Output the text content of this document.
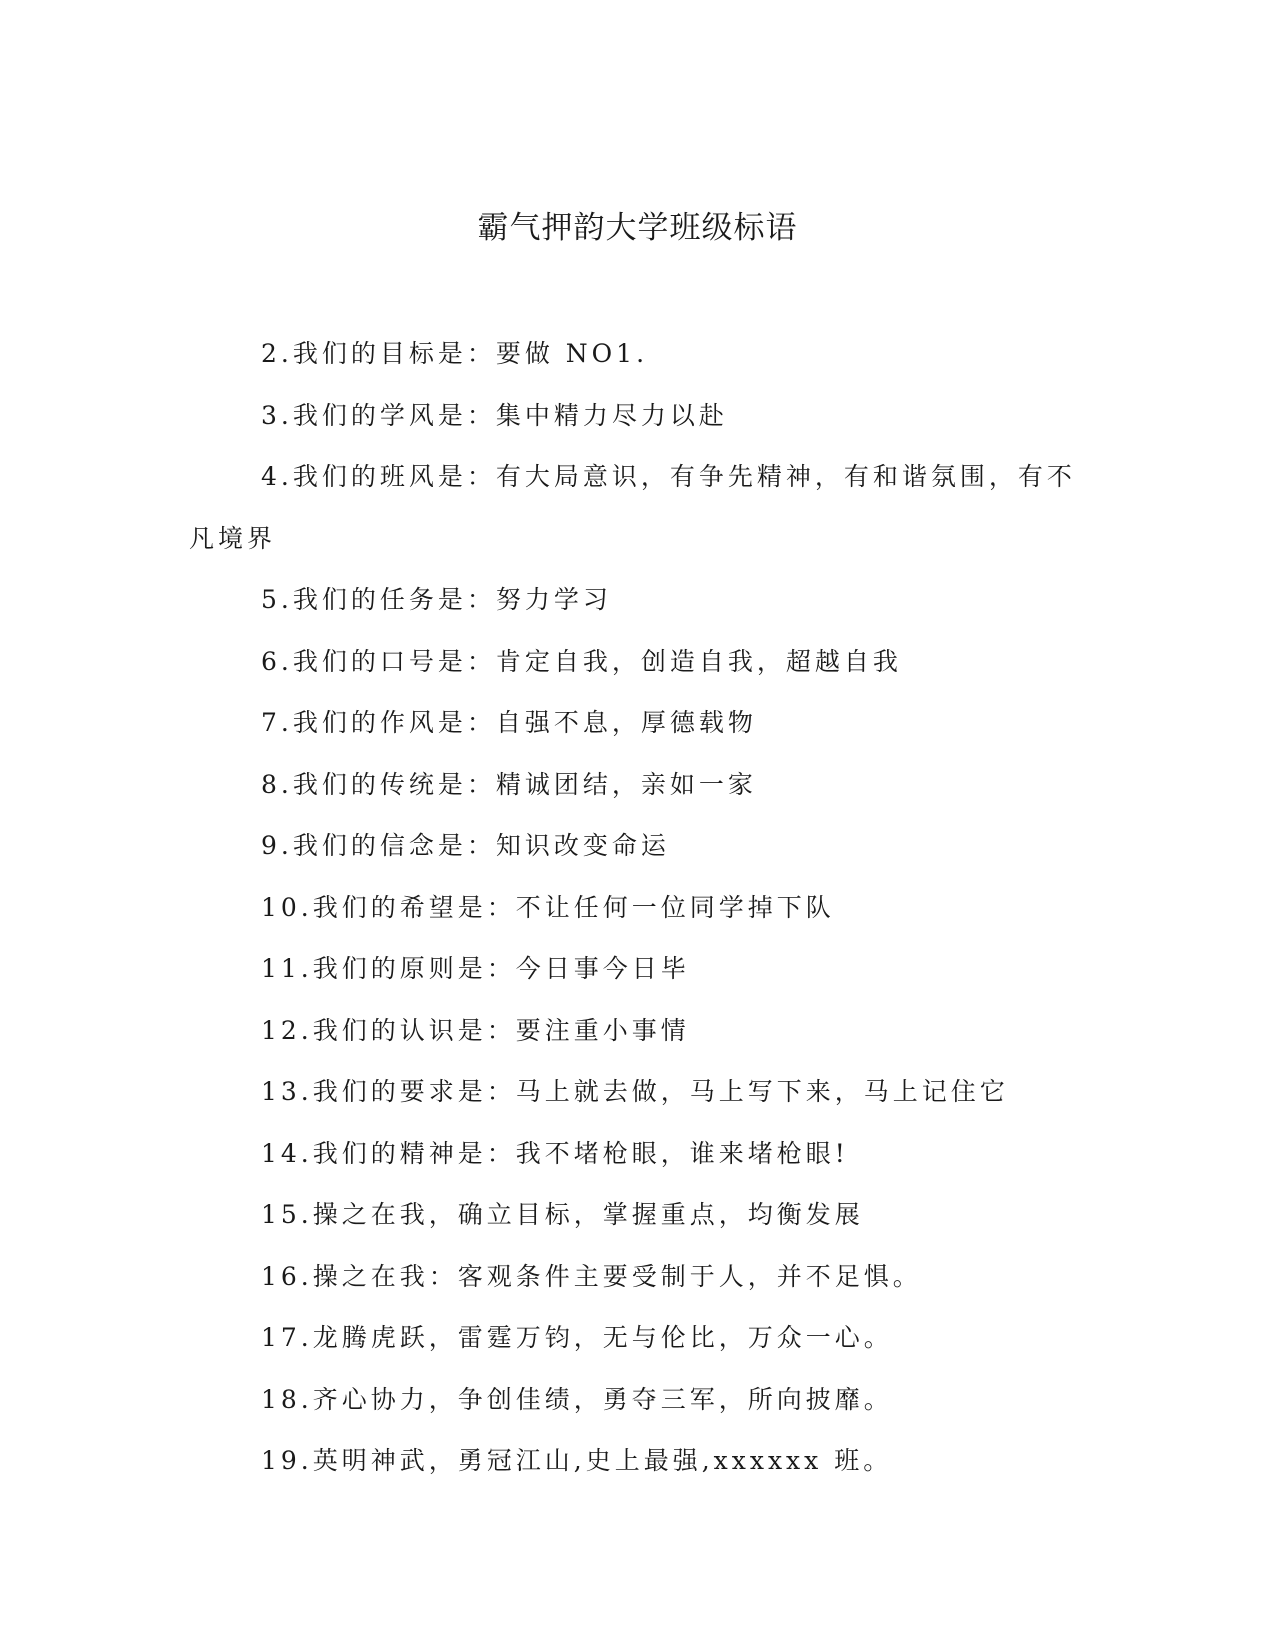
霸气押韵大学班级标语
2.我们的目标是：要做 NO1.
3.我们的学风是：集中精力尽力以赴
4.我们的班风是：有大局意识，有争先精神，有和谐氛围，有不凡境界
5.我们的任务是：努力学习
6.我们的口号是：肯定自我，创造自我，超越自我
7.我们的作风是：自强不息，厚德载物
8.我们的传统是：精诚团结，亲如一家
9.我们的信念是：知识改变命运
10.我们的希望是：不让任何一位同学掉下队
11.我们的原则是：今日事今日毕
12.我们的认识是：要注重小事情
13.我们的要求是：马上就去做，马上写下来，马上记住它
14.我们的精神是：我不堵枪眼，谁来堵枪眼!
15.操之在我，确立目标，掌握重点，均衡发展
16.操之在我：客观条件主要受制于人，并不足惧。
17.龙腾虎跃，雷霆万钧，无与伦比，万众一心。
18.齐心协力，争创佳绩，勇夺三军，所向披靡。
19.英明神武，勇冠江山,史上最强,xxxxxx 班。
